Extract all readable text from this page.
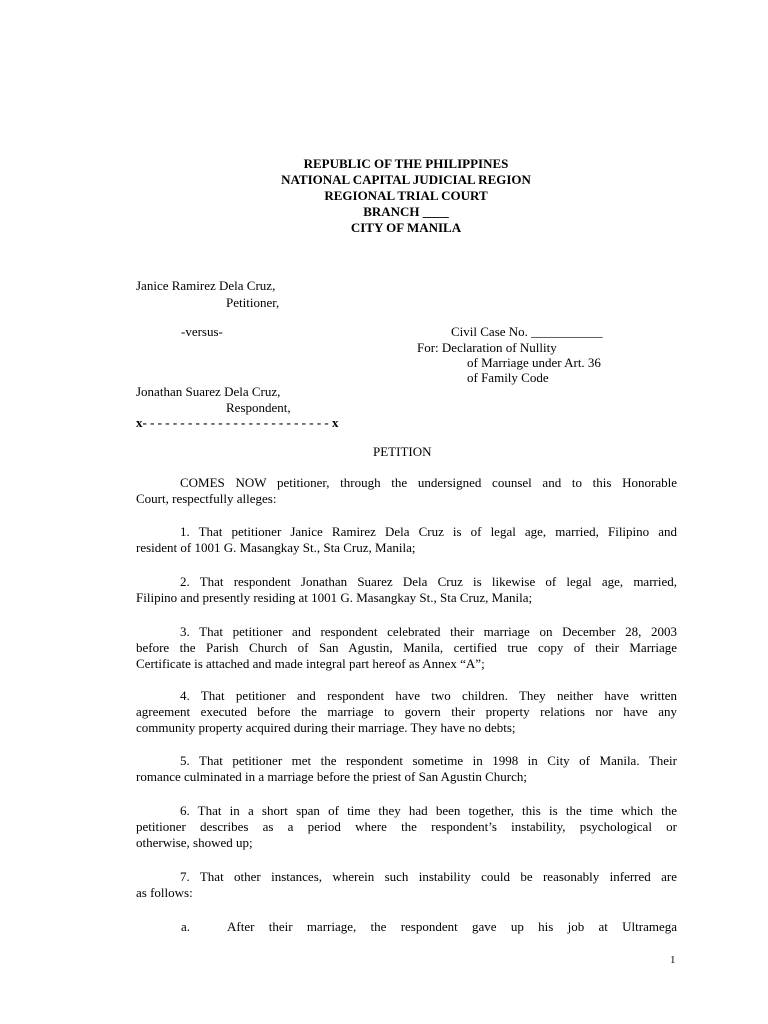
REPUBLIC OF THE PHILIPPINES
NATIONAL CAPITAL JUDICIAL REGION
REGIONAL TRIAL COURT
BRANCH ____
CITY OF MANILA
Janice Ramirez Dela Cruz,
Petitioner,
-versus-	Civil Case No. ___________
For: Declaration of Nullity
of Marriage under Art. 36
of Family Code
Jonathan Suarez Dela Cruz,
Respondent,
x- - - - - - - - - - - - - - - - - - - - - - - - - x
PETITION
COMES NOW petitioner, through the undersigned counsel and to this Honorable
Court, respectfully alleges:
1. That petitioner Janice Ramirez Dela Cruz is of legal age, married, Filipino and
resident of 1001 G. Masangkay St., Sta Cruz, Manila;
2. That respondent Jonathan Suarez Dela Cruz is likewise of legal age, married,
Filipino and presently residing at 1001 G. Masangkay St., Sta Cruz, Manila;
3. That petitioner and respondent celebrated their marriage on December 28, 2003
before the Parish Church of San Agustin, Manila, certified true copy of their Marriage
Certificate is attached and made integral part hereof as Annex “A”;
4. That petitioner and respondent have two children. They neither have written
agreement executed before the marriage to govern their property relations nor have any
community property acquired during their marriage. They have no debts;
5. That petitioner met the respondent sometime in 1998 in City of Manila. Their
romance culminated in a marriage before the priest of San Agustin Church;
6. That in a short span of time they had been together, this is the time which the
petitioner describes as a period where the respondent’s instability, psychological or
otherwise, showed up;
7. That other instances, wherein such instability could be reasonably inferred are
as follows:
a.	After their marriage, the respondent gave up his job at Ultramega
1
